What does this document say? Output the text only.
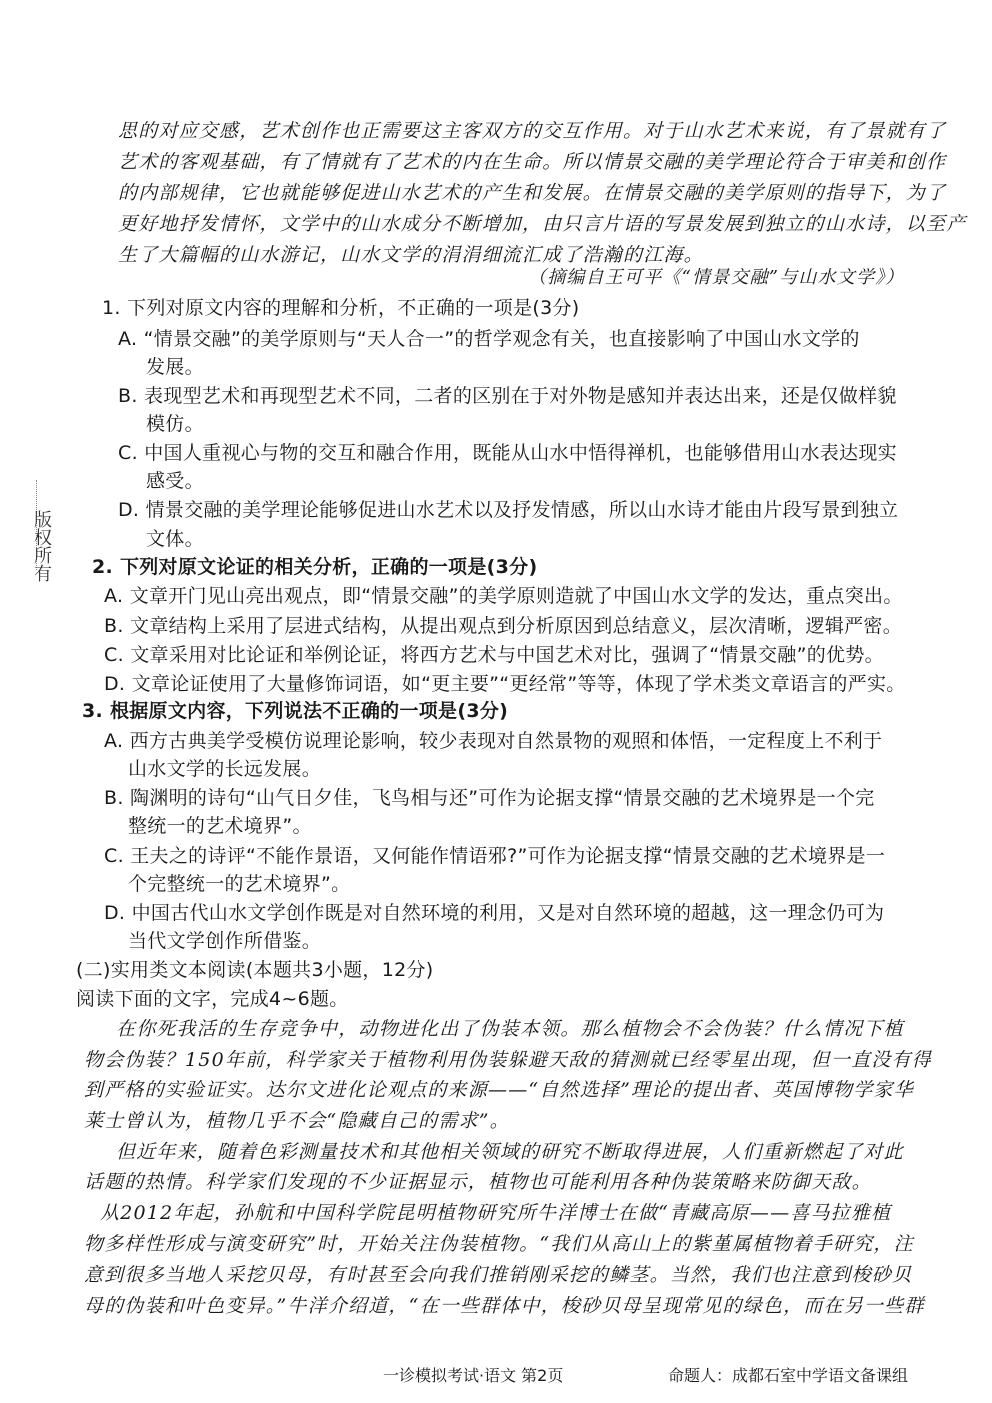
思的对应交感，艺术创作也正需要这主客双方的交互作用。对于山水艺术来说，有了景就有了
艺术的客观基础，有了情就有了艺术的内在生命。所以情景交融的美学理论符合于审美和创作
的内部规律，它也就能够促进山水艺术的产生和发展。在情景交融的美学原则的指导下，为了
更好地抒发情怀，文学中的山水成分不断增加，由只言片语的写景发展到独立的山水诗，以至产
生了大篇幅的山水游记，山水文学的涓涓细流汇成了浩瀚的江海。
（摘编自王可平《“情景交融”与山水文学》）
1. 下列对原文内容的理解和分析，不正确的一项是(3分)
A. “情景交融”的美学原则与“天人合一”的哲学观念有关，也直接影响了中国山水文学的
发展。
B. 表现型艺术和再现型艺术不同，二者的区别在于对外物是感知并表达出来，还是仅做样貌
模仿。
C. 中国人重视心与物的交互和融合作用，既能从山水中悟得禅机，也能够借用山水表达现实
感受。
D. 情景交融的美学理论能够促进山水艺术以及抒发情感，所以山水诗才能由片段写景到独立
文体。
2. 下列对原文论证的相关分析，正确的一项是(3分)
A. 文章开门见山亮出观点，即“情景交融”的美学原则造就了中国山水文学的发达，重点突出。
B. 文章结构上采用了层进式结构，从提出观点到分析原因到总结意义，层次清晰，逻辑严密。
C. 文章采用对比论证和举例论证，将西方艺术与中国艺术对比，强调了“情景交融”的优势。
D. 文章论证使用了大量修饰词语，如“更主要”“更经常”等等，体现了学术类文章语言的严实。
3. 根据原文内容，下列说法不正确的一项是(3分)
A. 西方古典美学受模仿说理论影响，较少表现对自然景物的观照和体悟，一定程度上不利于
山水文学的长远发展。
B. 陶渊明的诗句“山气日夕佳，飞鸟相与还”可作为论据支撑“情景交融的艺术境界是一个完
整统一的艺术境界”。
C. 王夫之的诗评“不能作景语，又何能作情语邪?”可作为论据支撑“情景交融的艺术境界是一
个完整统一的艺术境界”。
D. 中国古代山水文学创作既是对自然环境的利用，又是对自然环境的超越，这一理念仍可为
当代文学创作所借鉴。
(二)实用类文本阅读(本题共3小题，12分)
阅读下面的文字，完成4~6题。
在你死我活的生存竞争中，动物进化出了伪装本领。那么植物会不会伪装？什么情况下植
物会伪装？150年前，科学家关于植物利用伪装躲避天敌的猜测就已经零星出现，但一直没有得
到严格的实验证实。达尔文进化论观点的来源——“自然选择”理论的提出者、英国博物学家华
莱士曾认为，植物几乎不会“隐藏自己的需求”。
但近年来，随着色彩测量技术和其他相关领域的研究不断取得进展，人们重新燃起了对此
话题的热情。科学家们发现的不少证据显示，植物也可能利用各种伪装策略来防御天敌。
从2012年起，孙航和中国科学院昆明植物研究所牛洋博士在做“青藏高原——喜马拉雅植
物多样性形成与演变研究”时，开始关注伪装植物。“我们从高山上的紫堇属植物着手研究，注
意到很多当地人采挖贝母，有时甚至会向我们推销刚采挖的鳞茎。当然，我们也注意到梭砂贝
母的伪装和叶色变异。”牛洋介绍道，“在一些群体中，梭砂贝母呈现常见的绿色，而在另一些群
版权所有
一诊模拟考试·语文 第2页	命题人：成都石室中学语文备课组
